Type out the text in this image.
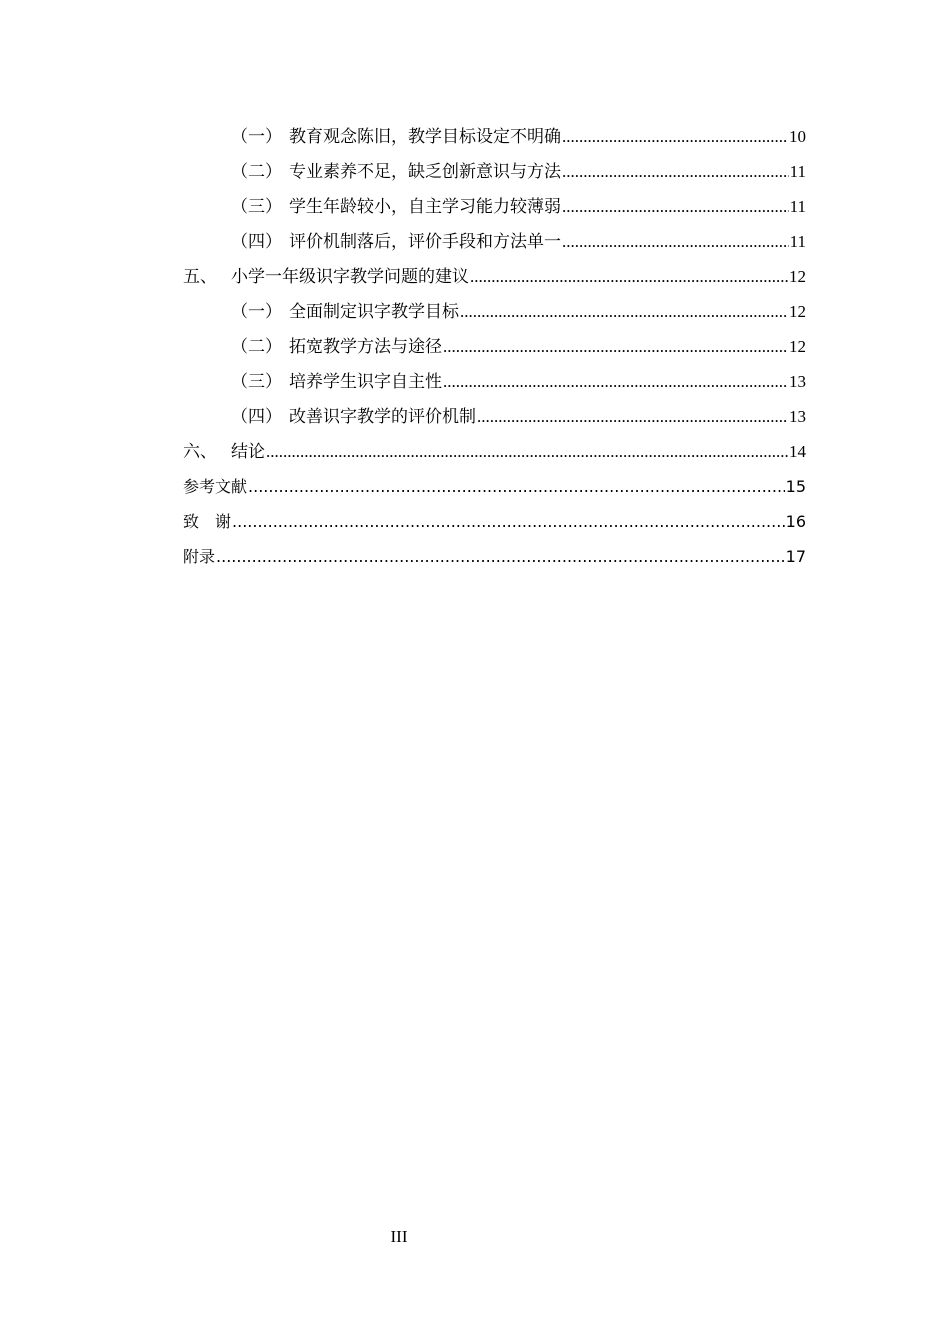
（一） 教育观念陈旧，教学目标设定不明确 .....	10
（二） 专业素养不足，缺乏创新意识与方法 .....	11
（三） 学生年龄较小，自主学习能力较薄弱 .....	11
（四） 评价机制落后，评价手段和方法单一 .....	11
五、 小学一年级识字教学问题的建议 .....	12
（一） 全面制定识字教学目标 .....	12
（二） 拓宽教学方法与途径 .....	12
（三） 培养学生识字自主性 .....	13
（四） 改善识字教学的评价机制 .....	13
六、 结论 .....	14
参考文献 .....	15
致　谢 .....	16
附录 .....	17
III
